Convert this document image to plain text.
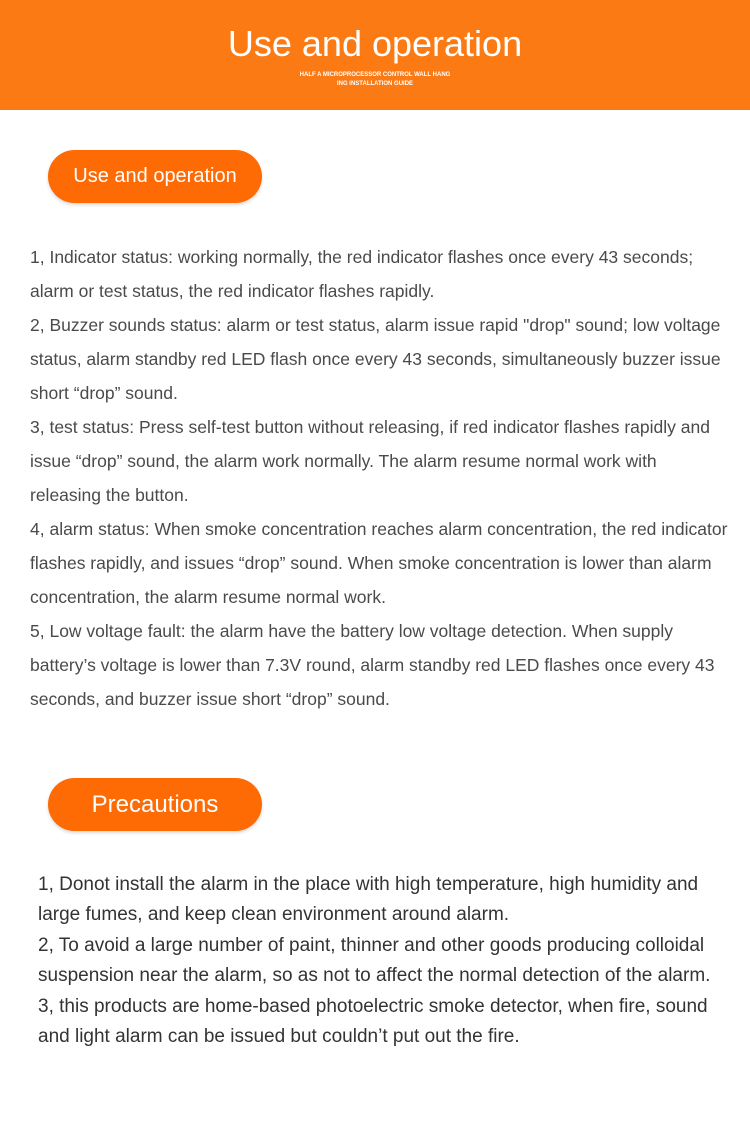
Use and operation
HALF A MICROPROCESSOR CONTROL WALL HANG
ING INSTALLATION GUIDE
Use and operation

1, Indicator status: working normally, the red indicator flashes once every 43 seconds; alarm or test status, the red indicator flashes rapidly.

2, Buzzer sounds status: alarm or test status, alarm issue rapid "drop" sound; low voltage status, alarm standby red LED flash once every 43 seconds, simultaneously buzzer issue short “drop” sound.

3, test status: Press self-test button without releasing, if red indicator flashes rapidly and issue “drop” sound, the alarm work normally. The alarm resume normal work with releasing the button.

4, alarm status: When smoke concentration reaches alarm concentration, the red indicator flashes rapidly, and issues “drop” sound. When smoke concentration is lower than alarm concentration, the alarm resume normal work.

5, Low voltage fault: the alarm have the battery low voltage detection. When supply battery’s voltage is lower than 7.3V round, alarm standby red LED flashes once every 43 seconds, and buzzer issue short “drop” sound.

Precautions

1, Donot install the alarm in the place with high temperature, high humidity and large fumes, and keep clean environment around alarm.

2, To avoid a large number of paint, thinner and other goods producing colloidal suspension near the alarm, so as not to affect the normal detection of the alarm.

3, this products are home-based photoelectric smoke detector, when fire, sound and light alarm can be issued but couldn’t put out the fire.
